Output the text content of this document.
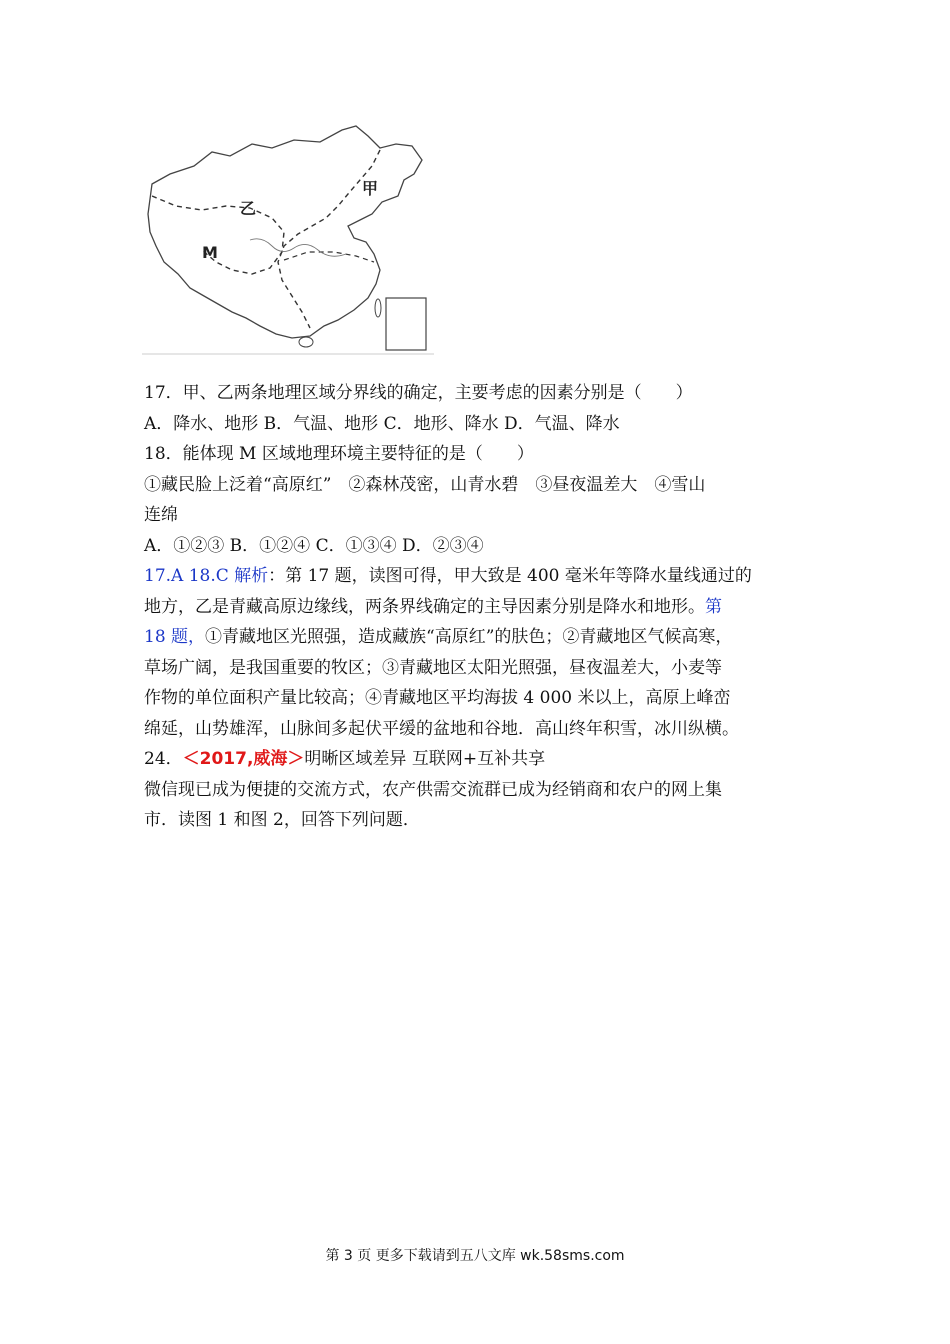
甲
乙
M
17．甲、乙两条地理区域分界线的确定，主要考虑的因素分别是（　　）
A．降水、地形 B．气温、地形 C．地形、降水 D．气温、降水
18．能体现 M 区域地理环境主要特征的是（　　）
①藏民脸上泛着“高原红”　②森林茂密，山青水碧　③昼夜温差大　④雪山
连绵
A．①②③ B．①②④ C．①③④ D．②③④
17.A 18.C 解析：第 17 题，读图可得，甲大致是 400 毫米年等降水量线通过的
地方，乙是青藏高原边缘线，两条界线确定的主导因素分别是降水和地形。第
18 题，①青藏地区光照强，造成藏族“高原红”的肤色；②青藏地区气候高寒，
草场广阔，是我国重要的牧区；③青藏地区太阳光照强，昼夜温差大，小麦等
作物的单位面积产量比较高；④青藏地区平均海拔 4 000 米以上，高原上峰峦
绵延，山势雄浑，山脉间多起伏平缓的盆地和谷地．高山终年积雪，冰川纵横。
24．＜2017,威海＞明晰区域差异 互联网+互补共享
微信现已成为便捷的交流方式，农产供需交流群已成为经销商和农户的网上集
市．读图 1 和图 2，回答下列问题．
第 3 页 更多下载请到五八文库 wk.58sms.com
